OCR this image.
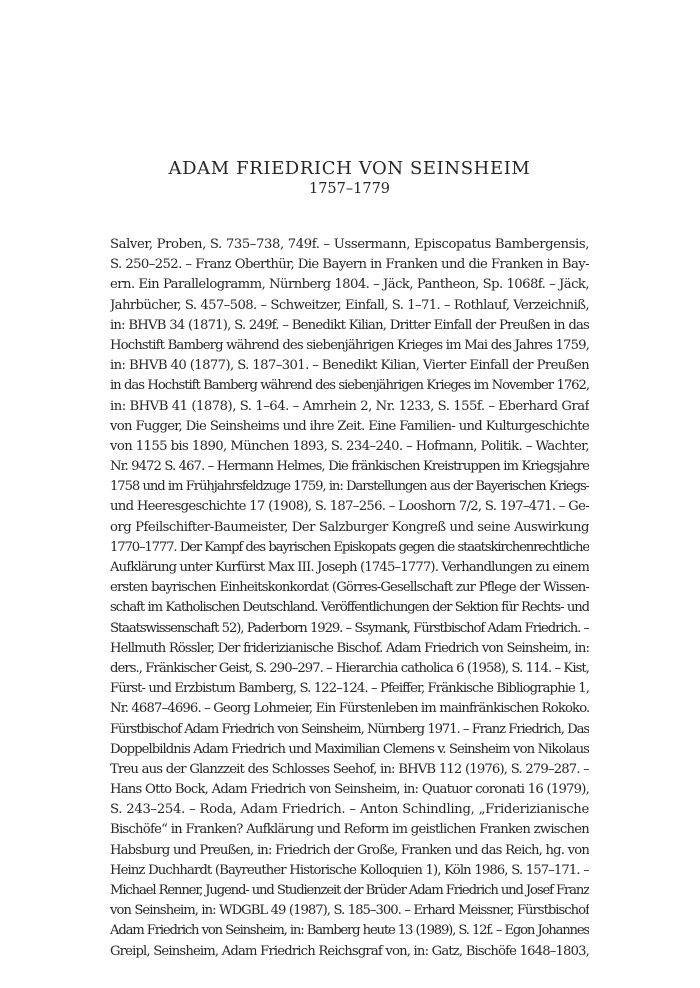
ADAM FRIEDRICH VON SEINSHEIM
1757–1779
Salver, Proben, S. 735–738, 749f. – Ussermann, Episcopatus Bambergensis,
S. 250–252. – Franz Oberthür, Die Bayern in Franken und die Franken in Bay-
ern. Ein Parallelogramm, Nürnberg 1804. – Jäck, Pantheon, Sp. 1068f. – Jäck,
Jahrbücher, S. 457–508. – Schweitzer, Einfall, S. 1–71. – Rothlauf, Verzeichniß,
in: BHVB 34 (1871), S. 249f. – Benedikt Kilian, Dritter Einfall der Preußen in das
Hochstift Bamberg während des siebenjährigen Krieges im Mai des Jahres 1759,
in: BHVB 40 (1877), S. 187–301. – Benedikt Kilian, Vierter Einfall der Preußen
in das Hochstift Bamberg während des siebenjährigen Krieges im November 1762,
in: BHVB 41 (1878), S. 1–64. – Amrhein 2, Nr. 1233, S. 155f. – Eberhard Graf
von Fugger, Die Seinsheims und ihre Zeit. Eine Familien- und Kulturgeschichte
von 1155 bis 1890, München 1893, S. 234–240. – Hofmann, Politik. – Wachter,
Nr. 9472 S. 467. – Hermann Helmes, Die fränkischen Kreistruppen im Kriegsjahre
1758 und im Frühjahrsfeldzuge 1759, in: Darstellungen aus der Bayerischen Kriegs-
und Heeresgeschichte 17 (1908), S. 187–256. – Looshorn 7/2, S. 197–471. – Ge-
org Pfeilschifter-Baumeister, Der Salzburger Kongreß und seine Auswirkung
1770–1777. Der Kampf des bayrischen Episkopats gegen die staatskirchenrechtliche
Aufklärung unter Kurfürst Max III. Joseph (1745–1777). Verhandlungen zu einem
ersten bayrischen Einheitskonkordat (Görres-Gesellschaft zur Pflege der Wissen-
schaft im Katholischen Deutschland. Veröffentlichungen der Sektion für Rechts- und
Staatswissenschaft 52), Paderborn 1929. – Ssymank, Fürstbischof Adam Friedrich. –
Hellmuth Rössler, Der friderizianische Bischof. Adam Friedrich von Seinsheim, in:
ders., Fränkischer Geist, S. 290–297. – Hierarchia catholica 6 (1958), S. 114. – Kist,
Fürst- und Erzbistum Bamberg, S. 122–124. – Pfeiffer, Fränkische Bibliographie 1,
Nr. 4687–4696. – Georg Lohmeier, Ein Fürstenleben im mainfränkischen Rokoko.
Fürstbischof Adam Friedrich von Seinsheim, Nürnberg 1971. – Franz Friedrich, Das
Doppelbildnis Adam Friedrich und Maximilian Clemens v. Seinsheim von Nikolaus
Treu aus der Glanzzeit des Schlosses Seehof, in: BHVB 112 (1976), S. 279–287. –
Hans Otto Bock, Adam Friedrich von Seinsheim, in: Quatuor coronati 16 (1979),
S. 243–254. – Roda, Adam Friedrich. – Anton Schindling, „Friderizianische
Bischöfe“ in Franken? Aufklärung und Reform im geistlichen Franken zwischen
Habsburg und Preußen, in: Friedrich der Große, Franken und das Reich, hg. von
Heinz Duchhardt (Bayreuther Historische Kolloquien 1), Köln 1986, S. 157–171. –
Michael Renner, Jugend- und Studienzeit der Brüder Adam Friedrich und Josef Franz
von Seinsheim, in: WDGBL 49 (1987), S. 185–300. – Erhard Meissner, Fürstbischof
Adam Friedrich von Seinsheim, in: Bamberg heute 13 (1989), S. 12f. – Egon Johannes
Greipl, Seinsheim, Adam Friedrich Reichsgraf von, in: Gatz, Bischöfe 1648–1803,
